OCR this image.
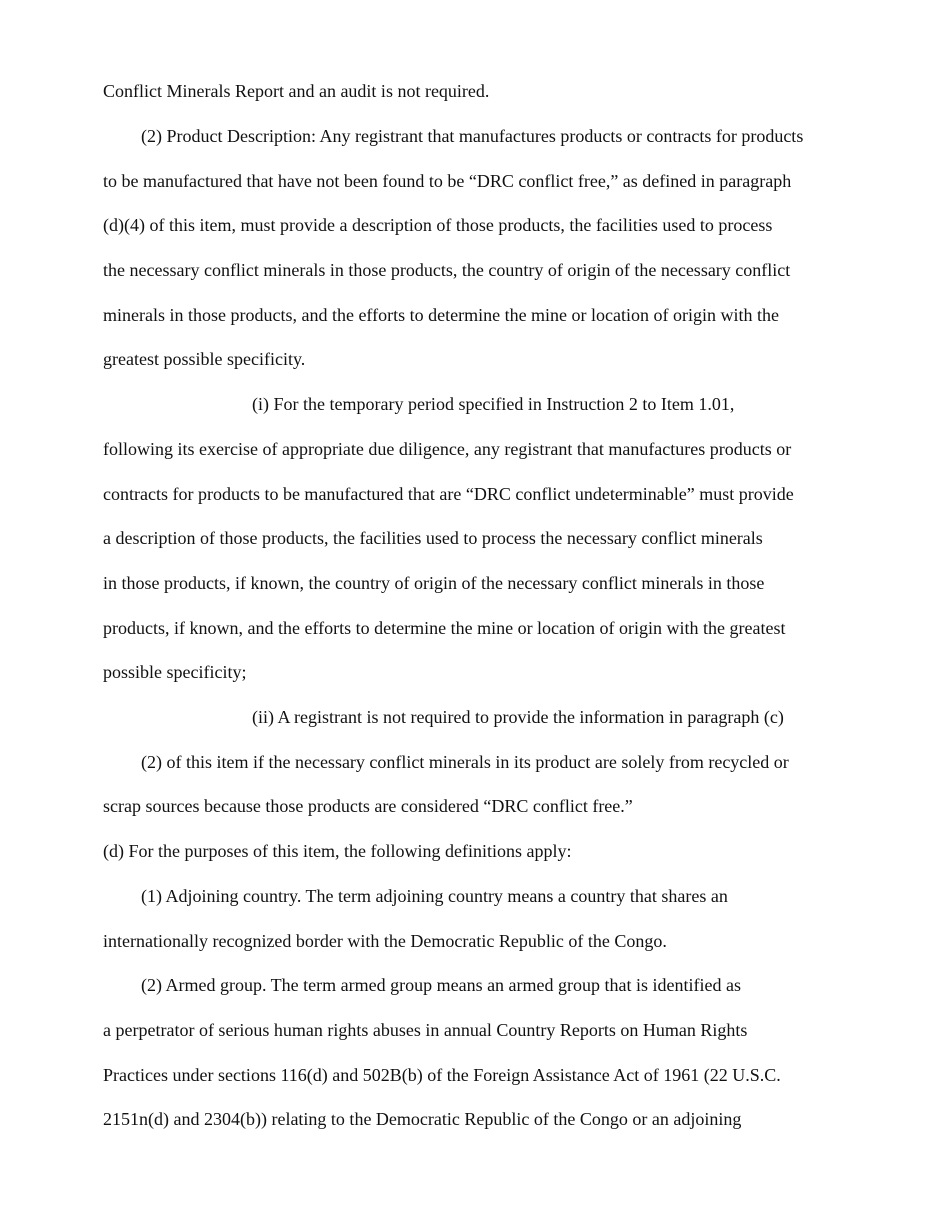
Conflict Minerals Report and an audit is not required.

(2) Product Description: Any registrant that manufactures products or contracts for products

to be manufactured that have not been found to be “DRC conflict free,” as defined in paragraph

(d)(4) of this item, must provide a description of those products, the facilities used to process

the necessary conflict minerals in those products, the country of origin of the necessary conflict

minerals in those products, and the efforts to determine the mine or location of origin with the

greatest possible specificity.

(i) For the temporary period specified in Instruction 2 to Item 1.01,

following its exercise of appropriate due diligence, any registrant that manufactures products or

contracts for products to be manufactured that are “DRC conflict undeterminable” must provide

a description of those products, the facilities used to process the necessary conflict minerals

in those products, if known, the country of origin of the necessary conflict minerals in those

products, if known, and the efforts to determine the mine or location of origin with the greatest

possible specificity;

(ii) A registrant is not required to provide the information in paragraph (c)

(2) of this item if the necessary conflict minerals in its product are solely from recycled or

scrap sources because those products are considered “DRC conflict free.”

(d) For the purposes of this item, the following definitions apply:

(1) Adjoining country. The term adjoining country means a country that shares an

internationally recognized border with the Democratic Republic of the Congo.

(2) Armed group. The term armed group means an armed group that is identified as

a perpetrator of serious human rights abuses in annual Country Reports on Human Rights

Practices under sections 116(d) and 502B(b) of the Foreign Assistance Act of 1961 (22 U.S.C.

2151n(d) and 2304(b)) relating to the Democratic Republic of the Congo or an adjoining
